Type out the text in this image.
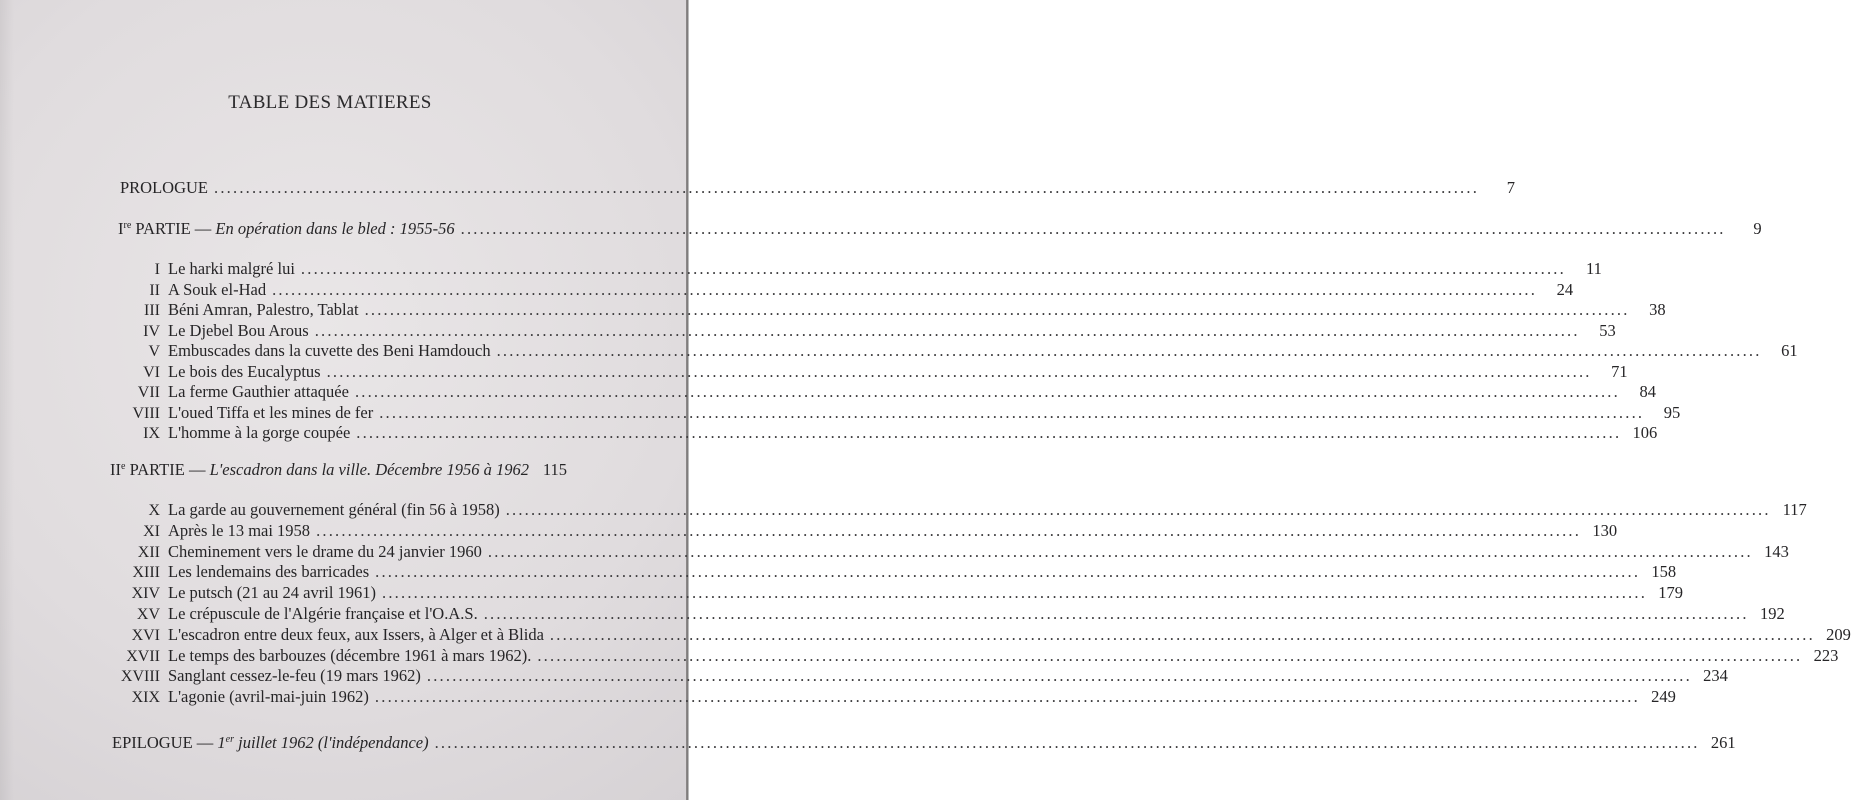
TABLE DES MATIERES
PROLOGUE ........................................................................................................................................................................................................	7
Ire PARTIE — En opération dans le bled : 1955-56 ........................................................................................................................................................................................................	9
I Le harki malgré lui ........................................................................................................................................................................................................	11
II A Souk el-Had ........................................................................................................................................................................................................	24
III Béni Amran, Palestro, Tablat ........................................................................................................................................................................................................	38
IV Le Djebel Bou Arous ........................................................................................................................................................................................................	53
V Embuscades dans la cuvette des Beni Hamdouch ........................................................................................................................................................................................................	61
VI Le bois des Eucalyptus ........................................................................................................................................................................................................	71
VII La ferme Gauthier attaquée ........................................................................................................................................................................................................	84
VIII L'oued Tiffa et les mines de fer ........................................................................................................................................................................................................	95
IX L'homme à la gorge coupée ........................................................................................................................................................................................................ 106
IIe PARTIE — L'escadron dans la ville. Décembre 1956 à 1962 115
X La garde au gouvernement général (fin 56 à 1958) ........................................................................................................................................................................................................ 117
XI Après le 13 mai 1958 ........................................................................................................................................................................................................ 130
XII Cheminement vers le drame du 24 janvier 1960 ........................................................................................................................................................................................................ 143
XIII Les lendemains des barricades ........................................................................................................................................................................................................ 158
XIV Le putsch (21 au 24 avril 1961) ........................................................................................................................................................................................................ 179
XV Le crépuscule de l'Algérie française et l'O.A.S. ........................................................................................................................................................................................................ 192
XVI L'escadron entre deux feux, aux Issers, à Alger et à Blida ........................................................................................................................................................................................................ 209
XVII Le temps des barbouzes (décembre 1961 à mars 1962). ........................................................................................................................................................................................................ 223
XVIII Sanglant cessez-le-feu (19 mars 1962) ........................................................................................................................................................................................................ 234
XIX L'agonie (avril-mai-juin 1962) ........................................................................................................................................................................................................ 249
EPILOGUE — 1er juillet 1962 (l'indépendance) ........................................................................................................................................................................................................ 261
